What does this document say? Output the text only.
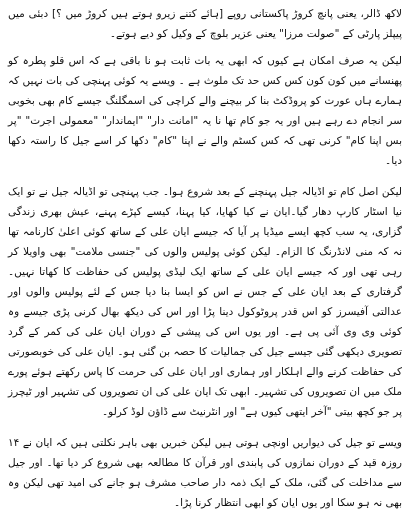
لاکھ ڈالر، یعنی پانچ کروڑ پاکستانی روپے [ہائے کتنے زیرو ہوتے ہیں کروڑ میں ؟] دبئی میں پیپلز پارٹی کے "صولت مرزا" یعنی عزیر بلوچ کے وکیل کو دیے ہوتے۔

لیکن یہ صرف امکان ہے کیوں کہ ابھی یہ بات ثابت ہو نا باقی ہے کہ اس قلو پطرہ کو پھنسانے میں کون کون کس کس حد تک ملوث ہے ۔ ویسے یہ کوئی پہنچی کی بات نہیں کہ ہمارے ہاں عورت کو پروڈکٹ بنا کر بیچنے والے کراچی کی اسمگلنگ جیسے کام بھی بخوبی سر انجام دے رہے ہیں اور یہ جو کام تھا نا یہ "امانت دار" "ایماندار" "معمولی اجرت" "پر بس اپنا کام" کرنی تھی کہ کس کسٹم والے نے اپنا "کام" دکھا کر اسے جیل کا راستہ دکھا دیا۔

لیکن اصل کام تو اڈیالہ جیل پہنچنے کے بعد شروع ہوا۔ جب پہنچی تو اڈیالہ جیل نے تو ایک نیا اسٹار کارپ دھار گیا۔ایان نے کیا کھایا، کیا پہنا، کیسے کپڑے پہنے، عیش بھری زندگی گزاری، یہ سب کچھ ایسے میڈیا پر آیا کہ جیسے ایان علی کے ساتھ کوئی اعلیٰ کارنامہ تھا نہ کہ منی لانڈرنگ کا الزام۔ لیکن کوئی پولیس والوں کی "جنسی ملامت" بھی واویلا کر رہی تھی اور کہ جیسے ایان علی کے ساتھ ایک لیڈی پولیس کی حفاظت کا کھاتا نہیں۔ گرفتاری کے بعد ایان علی کے جس نے اس کو ایسا بنا دیا جس کے لئے پولیس والوں اور عدالتی آفیسرز کو اس قدر پروٹوکول دینا پڑا اور اس کی دیکھ بھال کرنی پڑی جیسے وہ کوئی وی وی آئی پی ہے۔ اور یوں اس کی پیشی کے دوران ایان علی کی کمر کے گرد تصویری دیکھی گئی جیسے جیل کی جمالیات کا حصہ بن گئی ہو۔ ایان علی کی خوبصورتی کی حفاظت کرنے والے اہلکار اور ہماری اور ایان علی کی حرمت کا پاس رکھتے ہوئے پورے ملک میں ان تصویروں کی تشہیر۔ ابھی تک ایان علی کی ان تصویروں کی تشہیر اور ٹیچرز پر جو کچھ بیتی "آخر ایتھی کیوں ہے" اور انٹرنیٹ سے ڈاؤن لوڈ کرلو۔

ویسے تو جیل کی دیواریں اونچی ہوتی ہیں لیکن خبریں بھی باہر نکلتی ہیں کہ ایان نے ۱۴ روزہ قید کے دوران نمازوں کی پابندی اور قرآن کا مطالعہ بھی شروع کر دیا تھا۔ اور جیل سے مداخلت کی گئی، ملک کے ایک ذمہ دار صاحب مشرف ہو جانے کی امید تھی لیکن وہ بھی نہ ہو سکا اور یوں ایان کو ابھی انتظار کرنا پڑا۔
